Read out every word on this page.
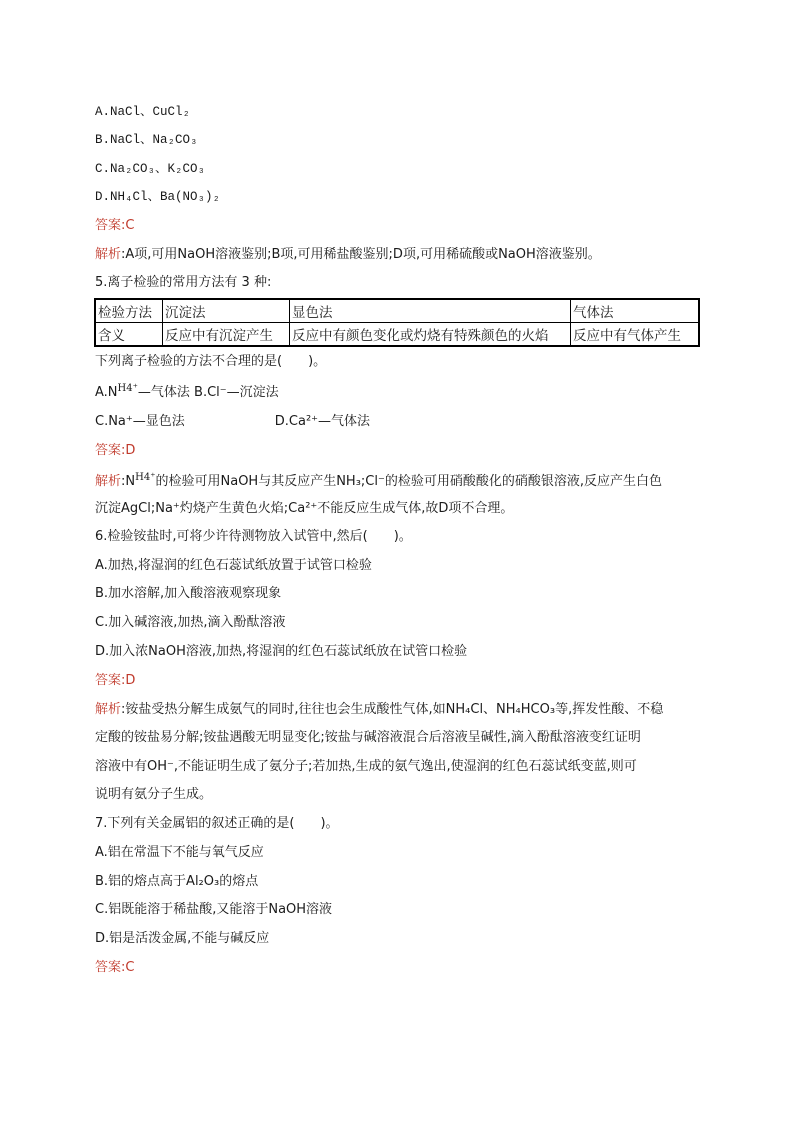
A.NaCl、CuCl₂
B.NaCl、Na₂CO₃
C.Na₂CO₃、K₂CO₃
D.NH₄Cl、Ba(NO₃)₂
答案:C
解析:A项,可用NaOH溶液鉴别;B项,可用稀盐酸鉴别;D项,可用稀硫酸或NaOH溶液鉴别。
5.离子检验的常用方法有 3 种:
检验方法	沉淀法	显色法	气体法
含义	反应中有沉淀产生	反应中有颜色变化或灼烧有特殊颜色的火焰	反应中有气体产生
下列离子检验的方法不合理的是(　　)。
$A.N^{H4^+}—$气体法 B.Cl⁻—沉淀法
C.Na⁺—显色法	D.Ca²⁺—气体法
答案:D
解析$:N^{H4^+}$的检验可用NaOH与其反应产生NH₃;Cl⁻的检验可用硝酸酸化的硝酸银溶液,反应产生白色
沉淀AgCl;Na⁺灼烧产生黄色火焰;Ca²⁺不能反应生成气体,故D项不合理。
6.检验铵盐时,可将少许待测物放入试管中,然后(　　)。
A.加热,将湿润的红色石蕊试纸放置于试管口检验
B.加水溶解,加入酸溶液观察现象
C.加入碱溶液,加热,滴入酚酞溶液
D.加入浓NaOH溶液,加热,将湿润的红色石蕊试纸放在试管口检验
答案:D
解析:铵盐受热分解生成氨气的同时,往往也会生成酸性气体,如NH₄Cl、NH₄HCO₃等,挥发性酸、不稳
定酸的铵盐易分解;铵盐遇酸无明显变化;铵盐与碱溶液混合后溶液呈碱性,滴入酚酞溶液变红证明
溶液中有OH⁻,不能证明生成了氨分子;若加热,生成的氨气逸出,使湿润的红色石蕊试纸变蓝,则可
说明有氨分子生成。
7.下列有关金属铝的叙述正确的是(　　)。
A.铝在常温下不能与氧气反应
B.铝的熔点高于Al₂O₃的熔点
C.铝既能溶于稀盐酸,又能溶于NaOH溶液
D.铝是活泼金属,不能与碱反应
答案:C
